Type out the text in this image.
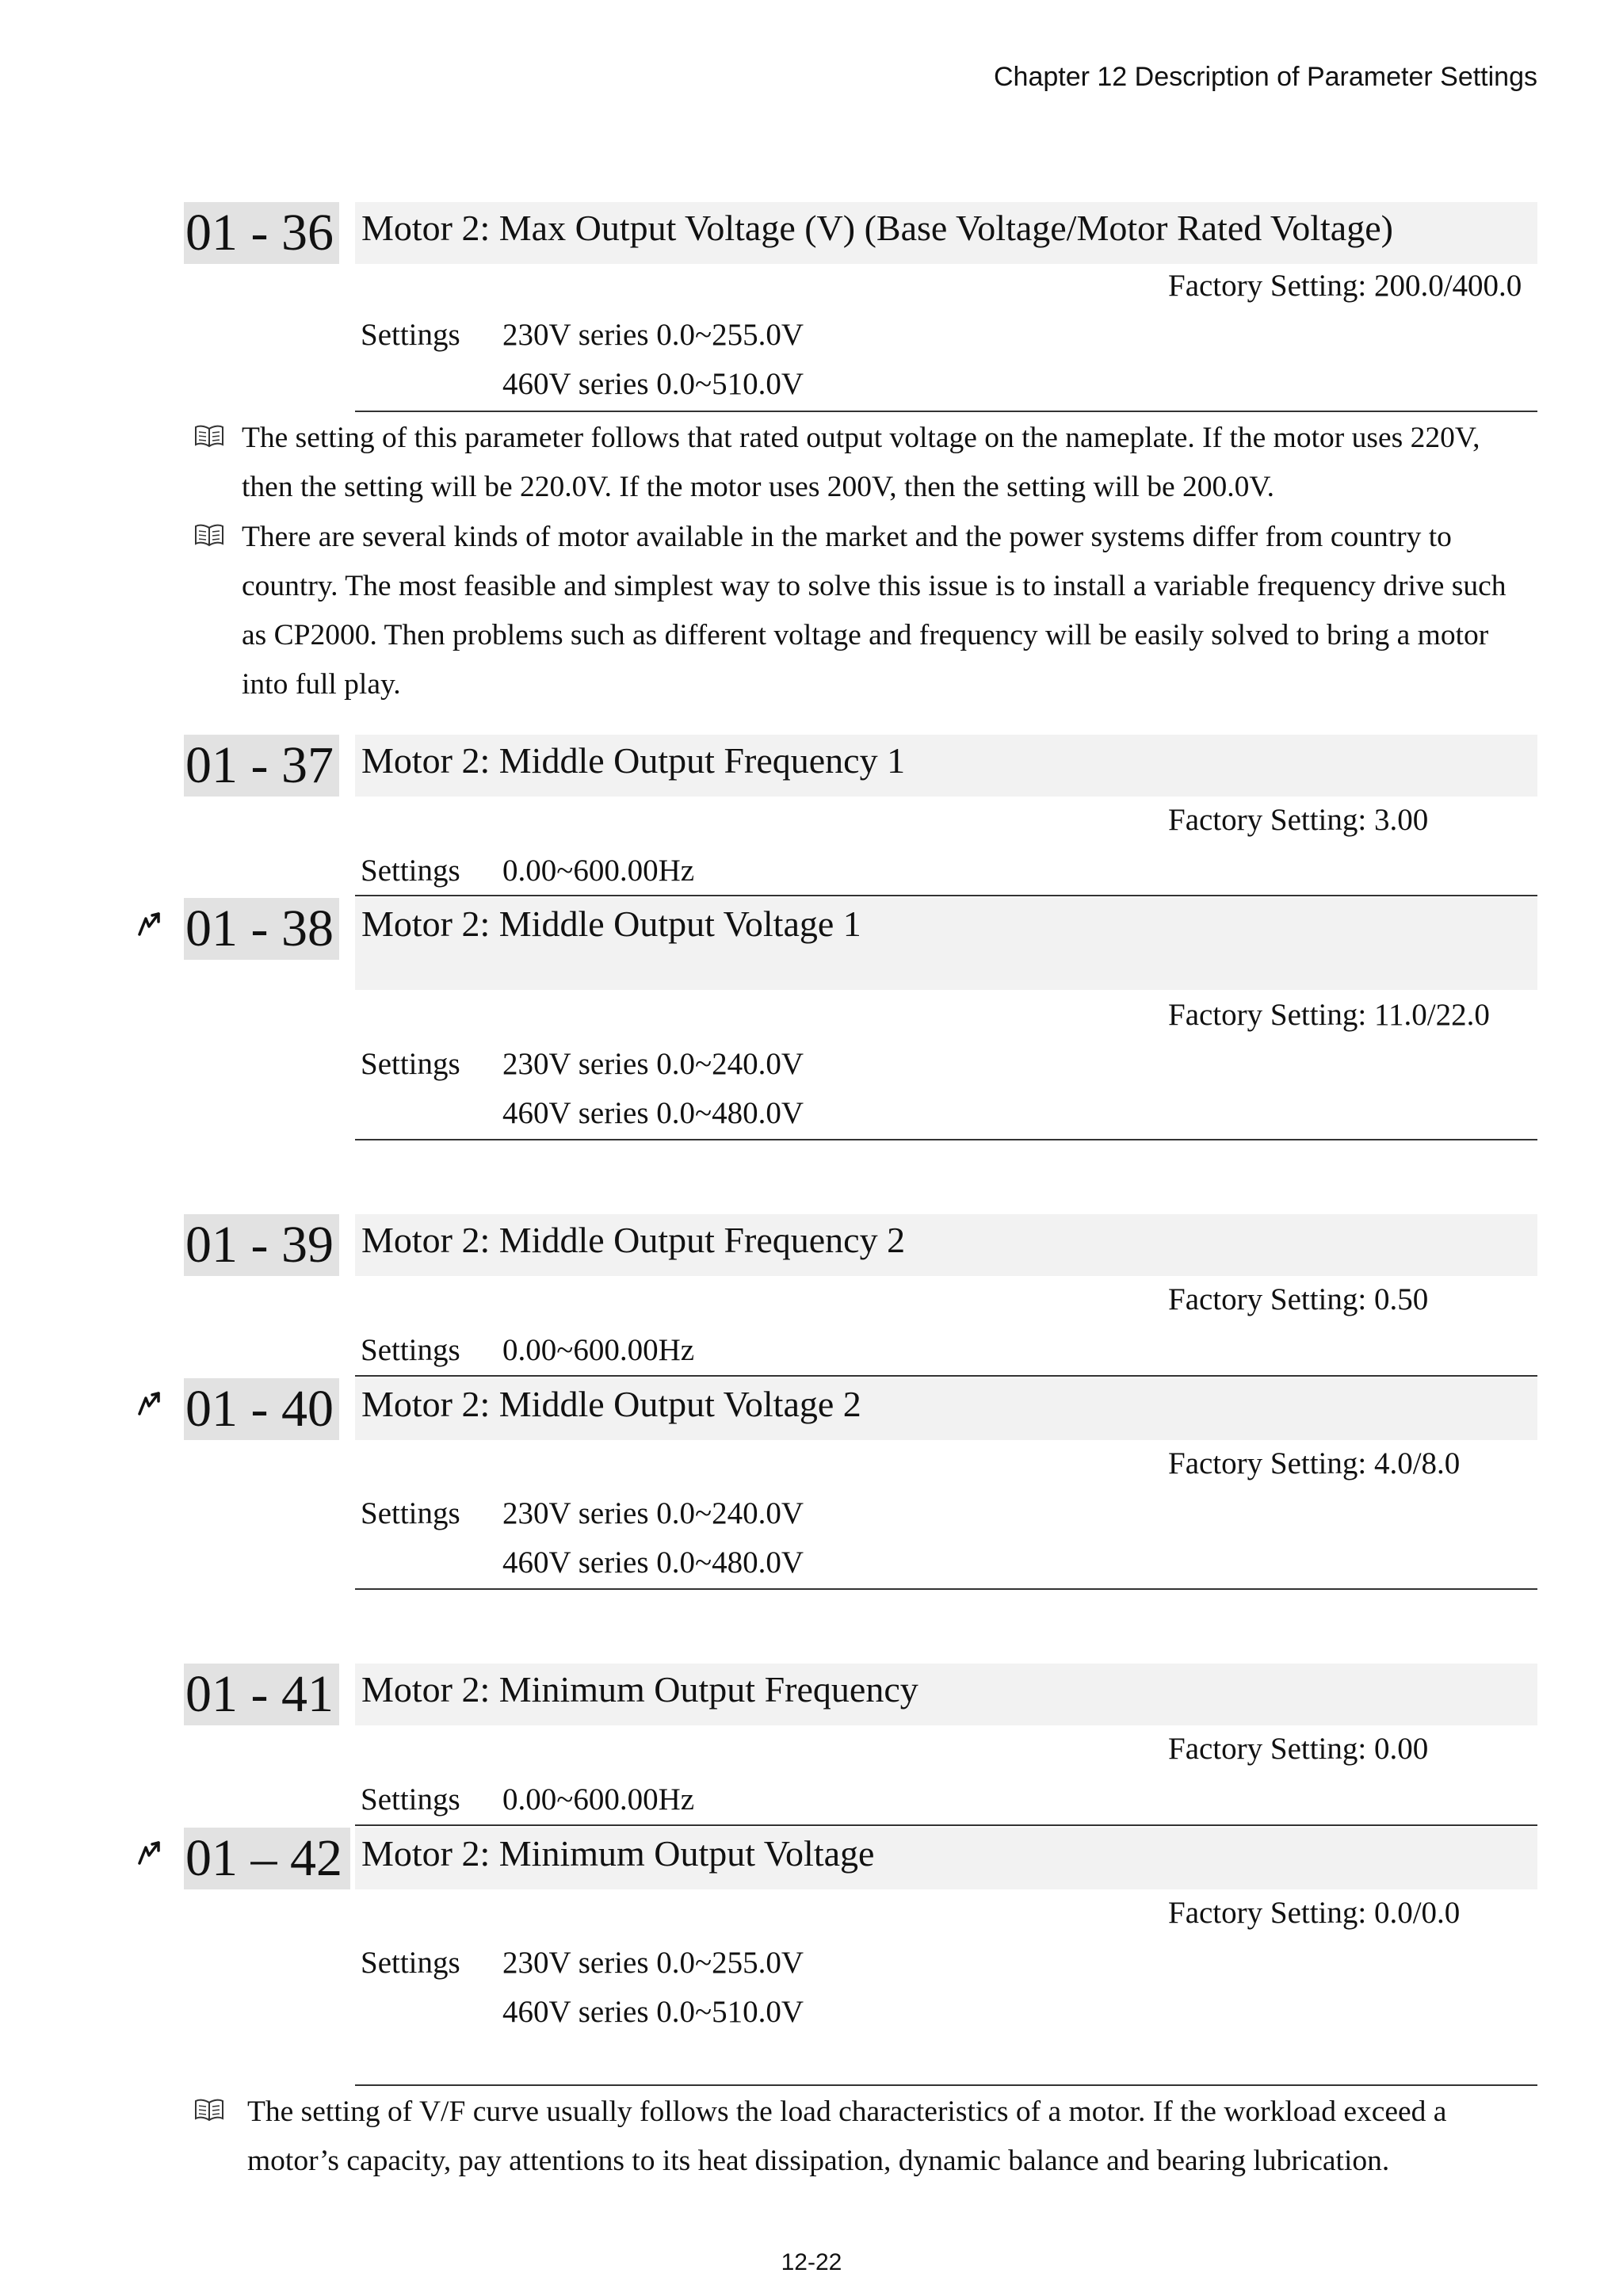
Chapter 12 Description of Parameter Settings
01 - 36 Motor 2: Max Output Voltage (V) (Base Voltage/Motor Rated Voltage)
Factory Setting: 200.0/400.0
Settings 230V series 0.0~255.0V
460V series 0.0~510.0V
The setting of this parameter follows that rated output voltage on the nameplate. If the motor uses 220V,
then the setting will be 220.0V. If the motor uses 200V, then the setting will be 200.0V.
There are several kinds of motor available in the market and the power systems differ from country to
country. The most feasible and simplest way to solve this issue is to install a variable frequency drive such
as CP2000. Then problems such as different voltage and frequency will be easily solved to bring a motor
into full play.
01 - 37 Motor 2: Middle Output Frequency 1
Factory Setting: 3.00
Settings 0.00~600.00Hz
01 - 38 Motor 2: Middle Output Voltage 1
Factory Setting: 11.0/22.0
Settings 230V series 0.0~240.0V
460V series 0.0~480.0V
01 - 39 Motor 2: Middle Output Frequency 2
Factory Setting: 0.50
Settings 0.00~600.00Hz
01 - 40 Motor 2: Middle Output Voltage 2
Factory Setting: 4.0/8.0
Settings 230V series 0.0~240.0V
460V series 0.0~480.0V
01 - 41 Motor 2: Minimum Output Frequency
Factory Setting: 0.00
Settings 0.00~600.00Hz
01 – 42 Motor 2: Minimum Output Voltage
Factory Setting: 0.0/0.0
Settings 230V series 0.0~255.0V
460V series 0.0~510.0V
The setting of V/F curve usually follows the load characteristics of a motor. If the workload exceed a
motor’s capacity, pay attentions to its heat dissipation, dynamic balance and bearing lubrication.
12-22
